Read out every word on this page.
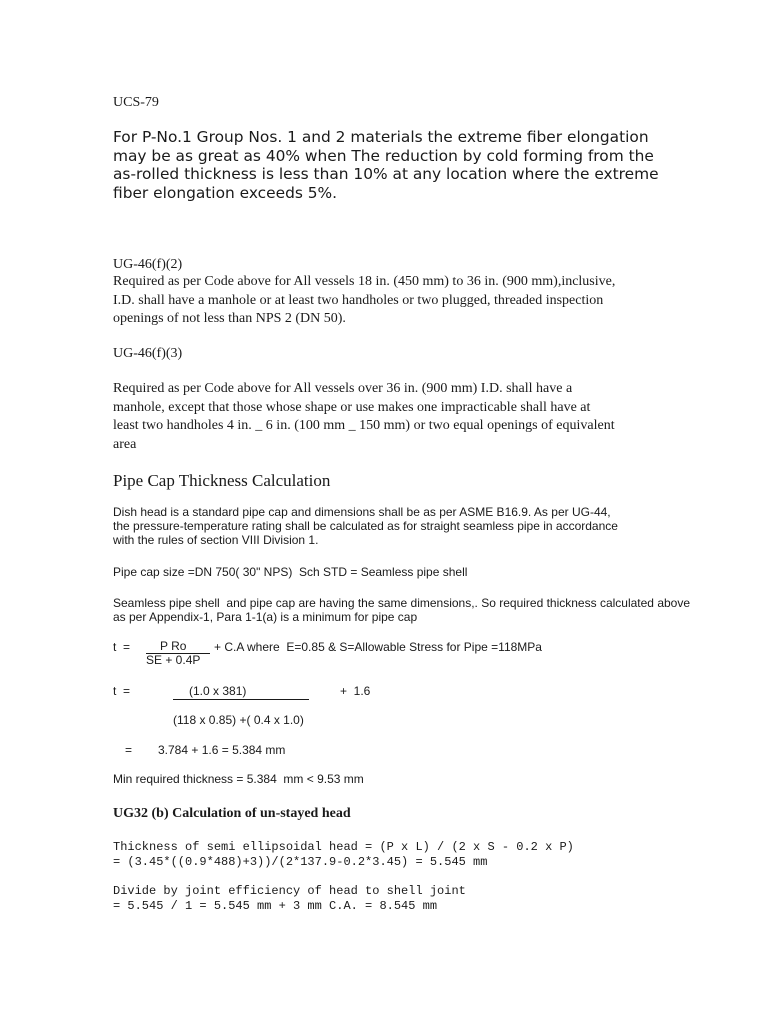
UCS-79
For P-No.1 Group Nos. 1 and 2 materials the extreme fiber elongation
may be as great as 40% when The reduction by cold forming from the
as-rolled thickness is less than 10% at any location where the extreme
fiber elongation exceeds 5%.
UG-46(f)(2)
Required as per Code above for All vessels 18 in. (450 mm) to 36 in. (900 mm),inclusive,
I.D. shall have a manhole or at least two handholes or two plugged, threaded inspection
openings of not less than NPS 2 (DN 50).
UG-46(f)(3)
Required as per Code above for All vessels over 36 in. (900 mm) I.D. shall have a
manhole, except that those whose shape or use makes one impracticable shall have at
least two handholes 4 in. _ 6 in. (100 mm _ 150 mm) or two equal openings of equivalent
area
Pipe Cap Thickness Calculation
Dish head is a standard pipe cap and dimensions shall be as per ASME B16.9. As per UG-44,
the pressure-temperature rating shall be calculated as for straight seamless pipe in accordance
with the rules of section VIII Division 1.
Pipe cap size =DN 750( 30" NPS)  Sch STD = Seamless pipe shell
Seamless pipe shell  and pipe cap are having the same dimensions,. So required thickness calculated above
as per Appendix-1, Para 1-1(a) is a minimum for pipe cap
t  = P Ro + C.A where  E=0.85 & S=Allowable Stress for Pipe =118MPa
SE + 0.4P
t  =	(1.0 x 381)	+  1.6
(118 x 0.85) +( 0.4 x 1.0)
= 3.784 + 1.6 = 5.384 mm
Min required thickness = 5.384  mm < 9.53 mm
UG32 (b) Calculation of un-stayed head
Thickness of semi ellipsoidal head = (P x L) / (2 x S - 0.2 x P)
= (3.45*((0.9*488)+3))/(2*137.9-0.2*3.45) = 5.545 mm
Divide by joint efficiency of head to shell joint
= 5.545 / 1 = 5.545 mm + 3 mm C.A. = 8.545 mm
